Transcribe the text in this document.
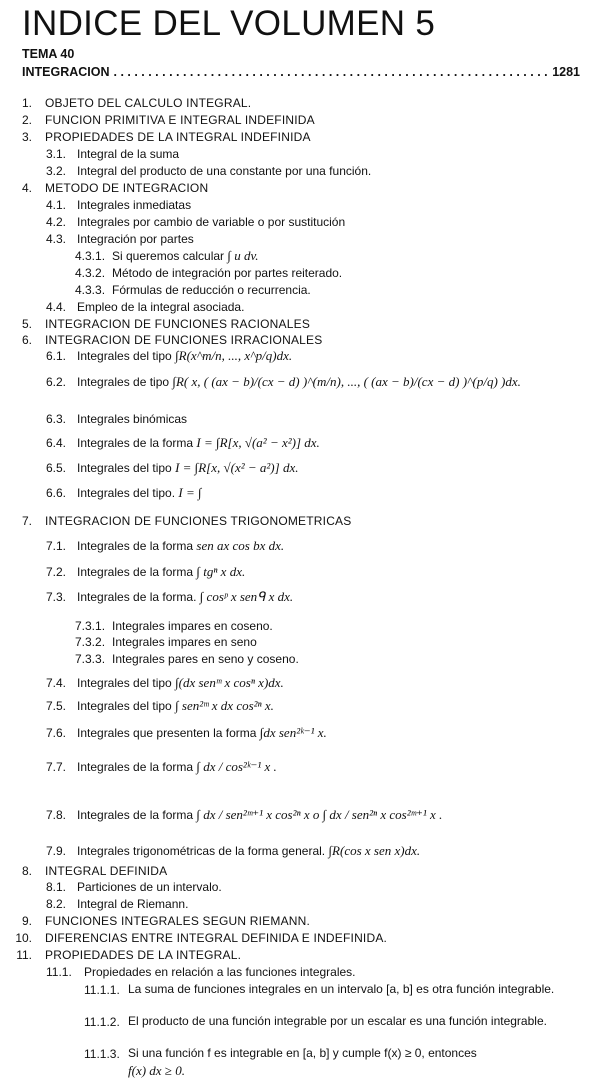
INDICE DEL VOLUMEN 5
TEMA 40
INTEGRACION
. . .	1281
1. OBJETO DEL CALCULO INTEGRAL.
2. FUNCION PRIMITIVA E INTEGRAL INDEFINIDA
3. PROPIEDADES DE LA INTEGRAL INDEFINIDA
3.1. Integral de la suma
3.2. Integral del producto de una constante por una función.
4. METODO DE INTEGRACION
4.1. Integrales inmediatas
4.2. Integrales por cambio de variable o por sustitución
4.3. Integración por partes
4.3.1. Si queremos calcular ∫ u dv.
4.3.2. Método de integración por partes reiterado.
4.3.3. Fórmulas de reducción o recurrencia.
4.4. Empleo de la integral asociada.
5. INTEGRACION DE FUNCIONES RACIONALES
6. INTEGRACION DE FUNCIONES IRRACIONALES
6.1. Integrales del tipo ∫R(x^m/n, ..., x^p/q)dx.
6.2. Integrales de tipo ∫R( x, ( (ax − b)/(cx − d) )^(m/n), ..., ( (ax − b)/(cx − d) )^(p/q) )dx.
6.3. Integrales binómicas
6.4. Integrales de la forma I = ∫R[x, √(a² − x²)] dx.
6.5. Integrales del tipo I = ∫R[x, √(x² − a²)] dx.
6.6. Integrales del tipo. I = ∫
7. INTEGRACION DE FUNCIONES TRIGONOMETRICAS
7.1. Integrales de la forma sen ax cos bx dx.
7.2. Integrales de la forma ∫ tgⁿ x dx.
7.3. Integrales de la forma. ∫ cosᵖ x senᑫ x dx.
7.3.1. Integrales impares en coseno.
7.3.2. Integrales impares en seno
7.3.3. Integrales pares en seno y coseno.
7.4. Integrales del tipo ∫(dx senᵐ x cosⁿ x)dx.
7.5. Integrales del tipo ∫ sen²ᵐ x dx cos²ⁿ x.
7.6. Integrales que presenten la forma ∫dx sen²ᵏ⁻¹ x.
7.7. Integrales de la forma ∫ dx / cos²ᵏ⁻¹ x .
7.8. Integrales de la forma ∫ dx / sen²ᵐ⁺¹ x cos²ⁿ x o ∫ dx / sen²ⁿ x cos²ᵐ⁺¹ x .
7.9. Integrales trigonométricas de la forma general. ∫R(cos x sen x)dx.
8. INTEGRAL DEFINIDA
8.1. Particiones de un intervalo.
8.2. Integral de Riemann.
9. FUNCIONES INTEGRALES SEGUN RIEMANN.
10. DIFERENCIAS ENTRE INTEGRAL DEFINIDA E INDEFINIDA.
11. PROPIEDADES DE LA INTEGRAL.
11.1.	Propiedades en relación a las funciones integrales.
11.1.1. La suma de funciones integrales en un intervalo [a, b] es otra función integrable.
11.1.2. El producto de una función integrable por un escalar es una función integrable.
11.1.3. Si una función f es integrable en [a, b] y cumple f(x) ≥ 0, entonces
f(x) dx ≥ 0.
